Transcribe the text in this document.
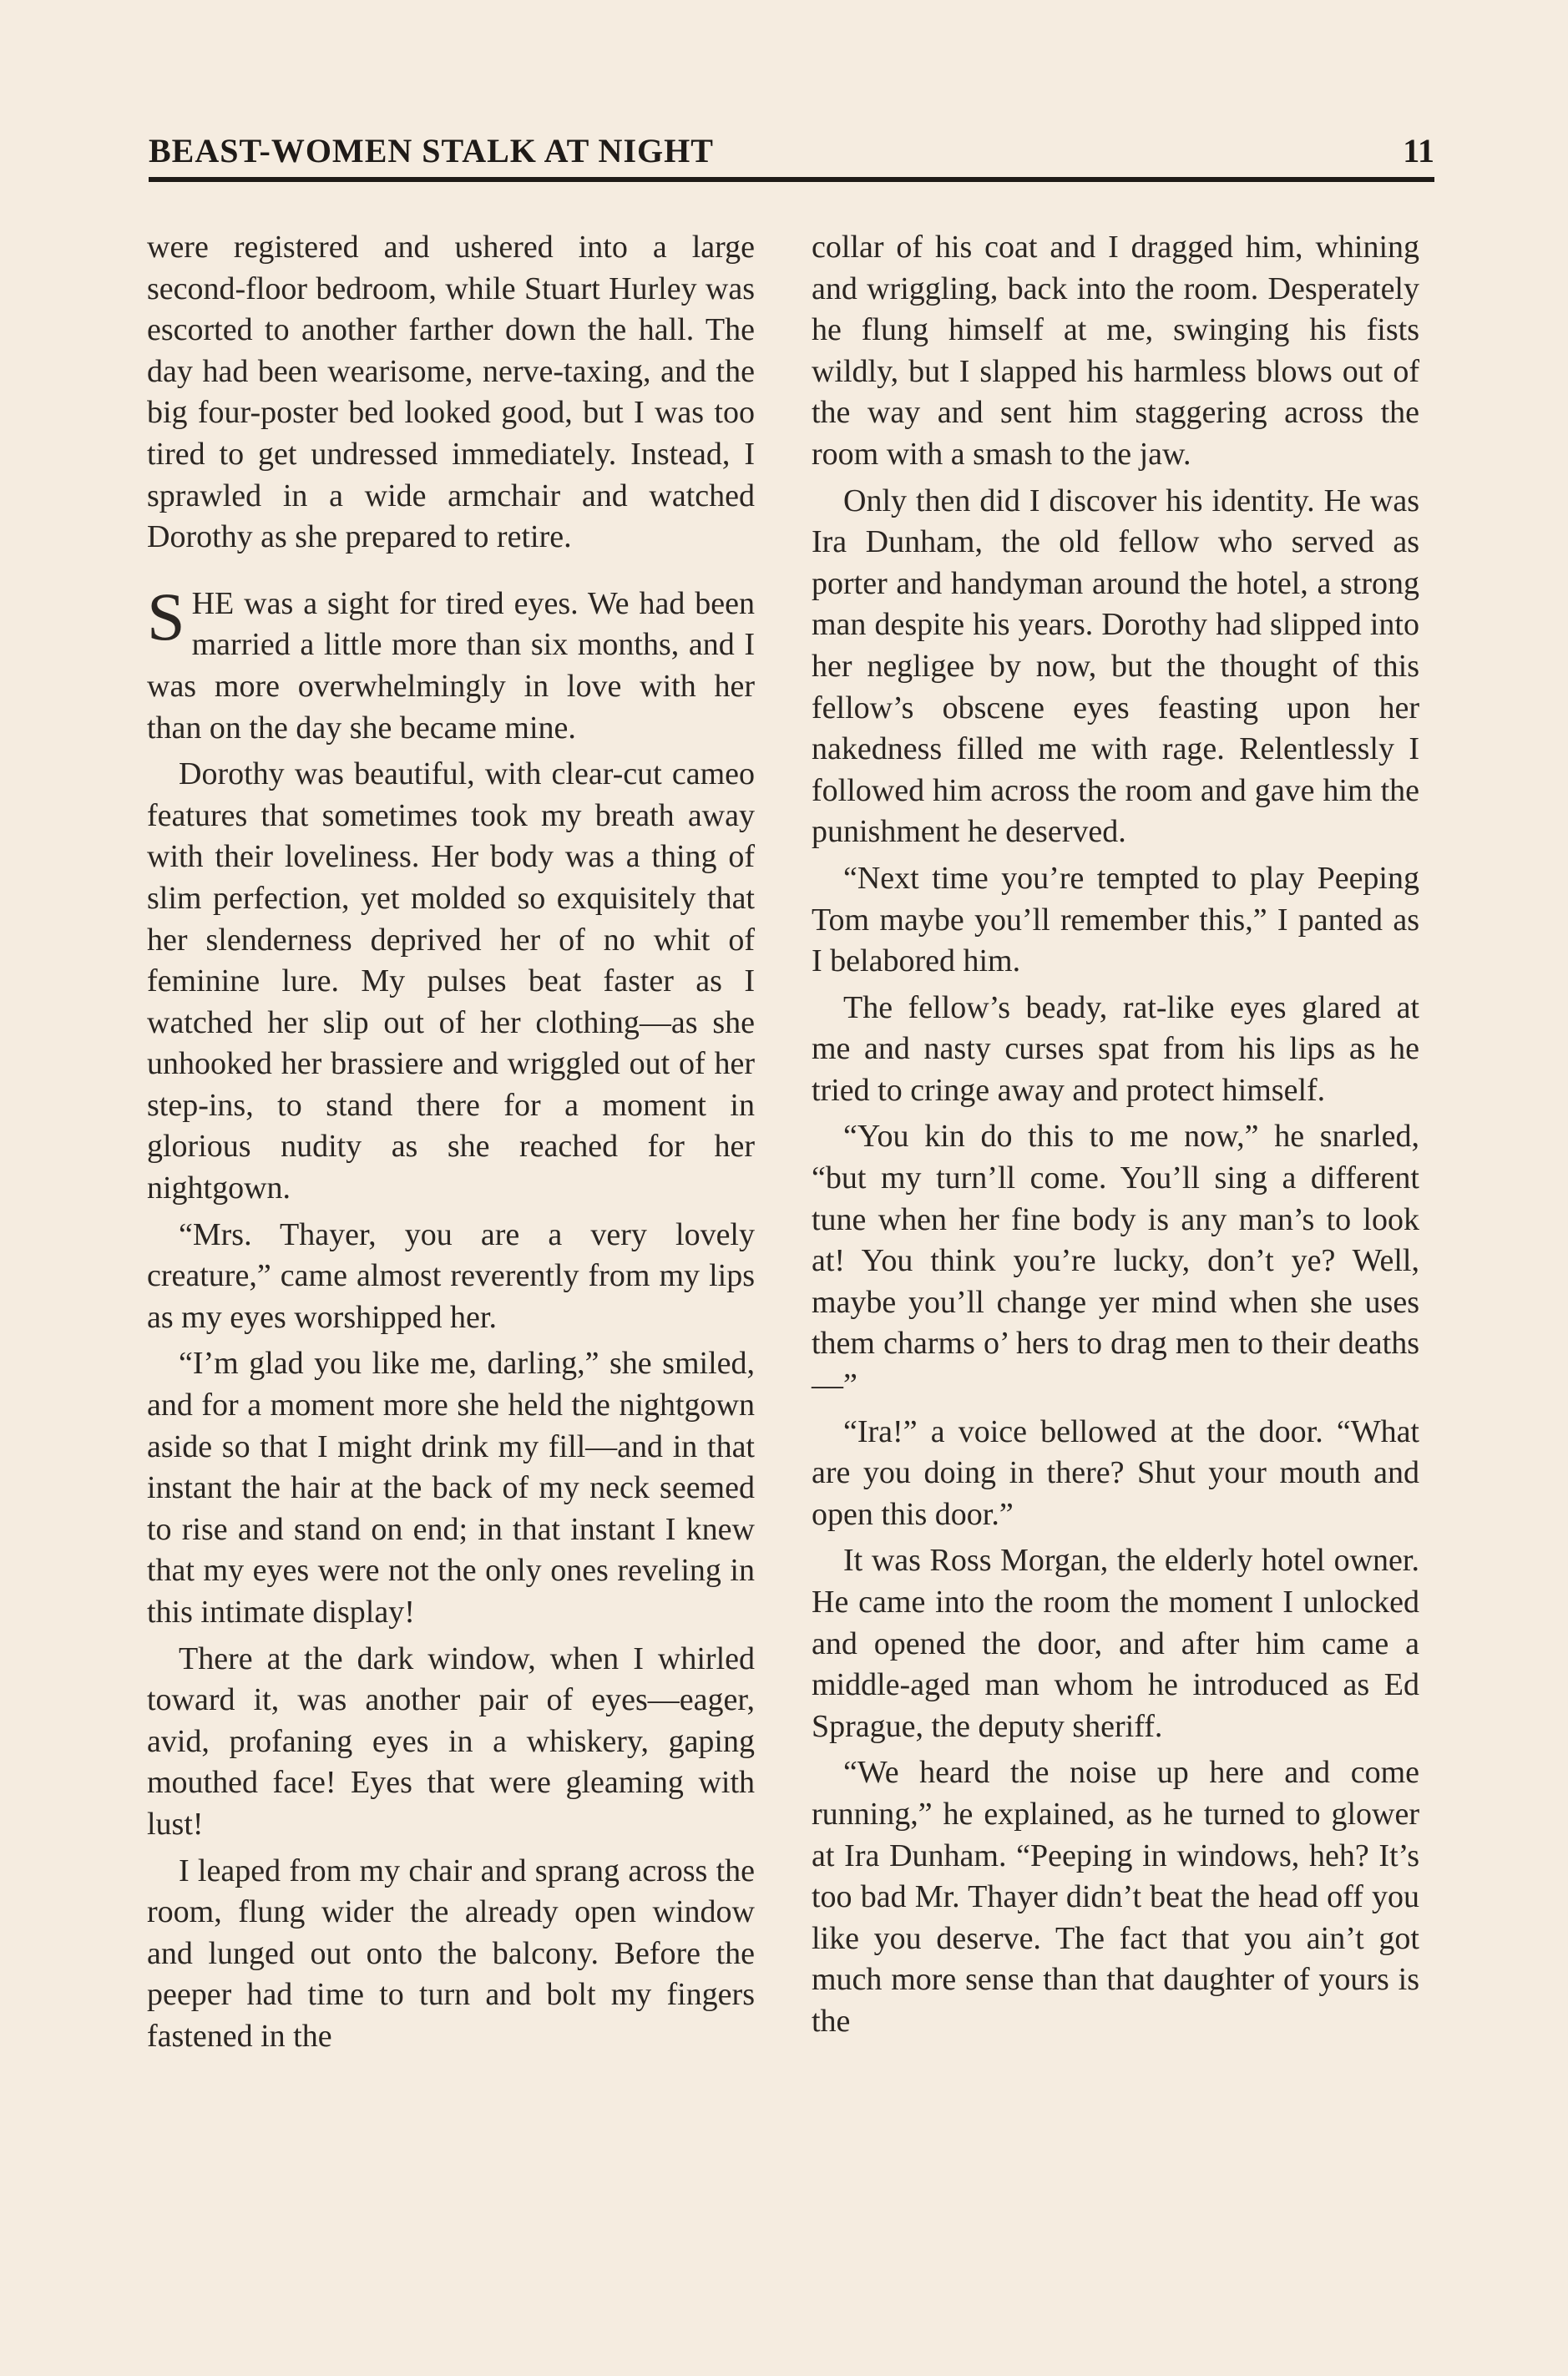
BEAST-WOMEN STALK AT NIGHT	11

were registered and ushered into a large second-floor bedroom, while Stuart Hurley was escorted to another farther down the hall. The day had been wearisome, nerve-taxing, and the big four-poster bed looked good, but I was too tired to get undressed immediately. Instead, I sprawled in a wide armchair and watched Dorothy as she prepared to retire.

SHE was a sight for tired eyes. We had been married a little more than six months, and I was more overwhelmingly in love with her than on the day she became mine.

Dorothy was beautiful, with clear-cut cameo features that sometimes took my breath away with their loveliness. Her body was a thing of slim perfection, yet molded so exquisitely that her slenderness deprived her of no whit of feminine lure. My pulses beat faster as I watched her slip out of her clothing—as she unhooked her brassiere and wriggled out of her step-ins, to stand there for a moment in glorious nudity as she reached for her nightgown.

“Mrs. Thayer, you are a very lovely creature,” came almost reverently from my lips as my eyes worshipped her.

“I’m glad you like me, darling,” she smiled, and for a moment more she held the nightgown aside so that I might drink my fill—and in that instant the hair at the back of my neck seemed to rise and stand on end; in that instant I knew that my eyes were not the only ones reveling in this intimate display!

There at the dark window, when I whirled toward it, was another pair of eyes—eager, avid, profaning eyes in a whiskery, gaping mouthed face! Eyes that were gleaming with lust!

I leaped from my chair and sprang across the room, flung wider the already open window and lunged out onto the balcony. Before the peeper had time to turn and bolt my fingers fastened in the

collar of his coat and I dragged him, whining and wriggling, back into the room. Desperately he flung himself at me, swinging his fists wildly, but I slapped his harmless blows out of the way and sent him staggering across the room with a smash to the jaw.

Only then did I discover his identity. He was Ira Dunham, the old fellow who served as porter and handyman around the hotel, a strong man despite his years. Dorothy had slipped into her negligee by now, but the thought of this fellow’s obscene eyes feasting upon her nakedness filled me with rage. Relentlessly I followed him across the room and gave him the punishment he deserved.

“Next time you’re tempted to play Peeping Tom maybe you’ll remember this,” I panted as I belabored him.

The fellow’s beady, rat-like eyes glared at me and nasty curses spat from his lips as he tried to cringe away and protect himself.

“You kin do this to me now,” he snarled, “but my turn’ll come. You’ll sing a different tune when her fine body is any man’s to look at! You think you’re lucky, don’t ye? Well, maybe you’ll change yer mind when she uses them charms o’ hers to drag men to their deaths—”

“Ira!” a voice bellowed at the door. “What are you doing in there? Shut your mouth and open this door.”

It was Ross Morgan, the elderly hotel owner. He came into the room the moment I unlocked and opened the door, and after him came a middle-aged man whom he introduced as Ed Sprague, the deputy sheriff.

“We heard the noise up here and come running,” he explained, as he turned to glower at Ira Dunham. “Peeping in windows, heh? It’s too bad Mr. Thayer didn’t beat the head off you like you deserve. The fact that you ain’t got much more sense than that daughter of yours is the
